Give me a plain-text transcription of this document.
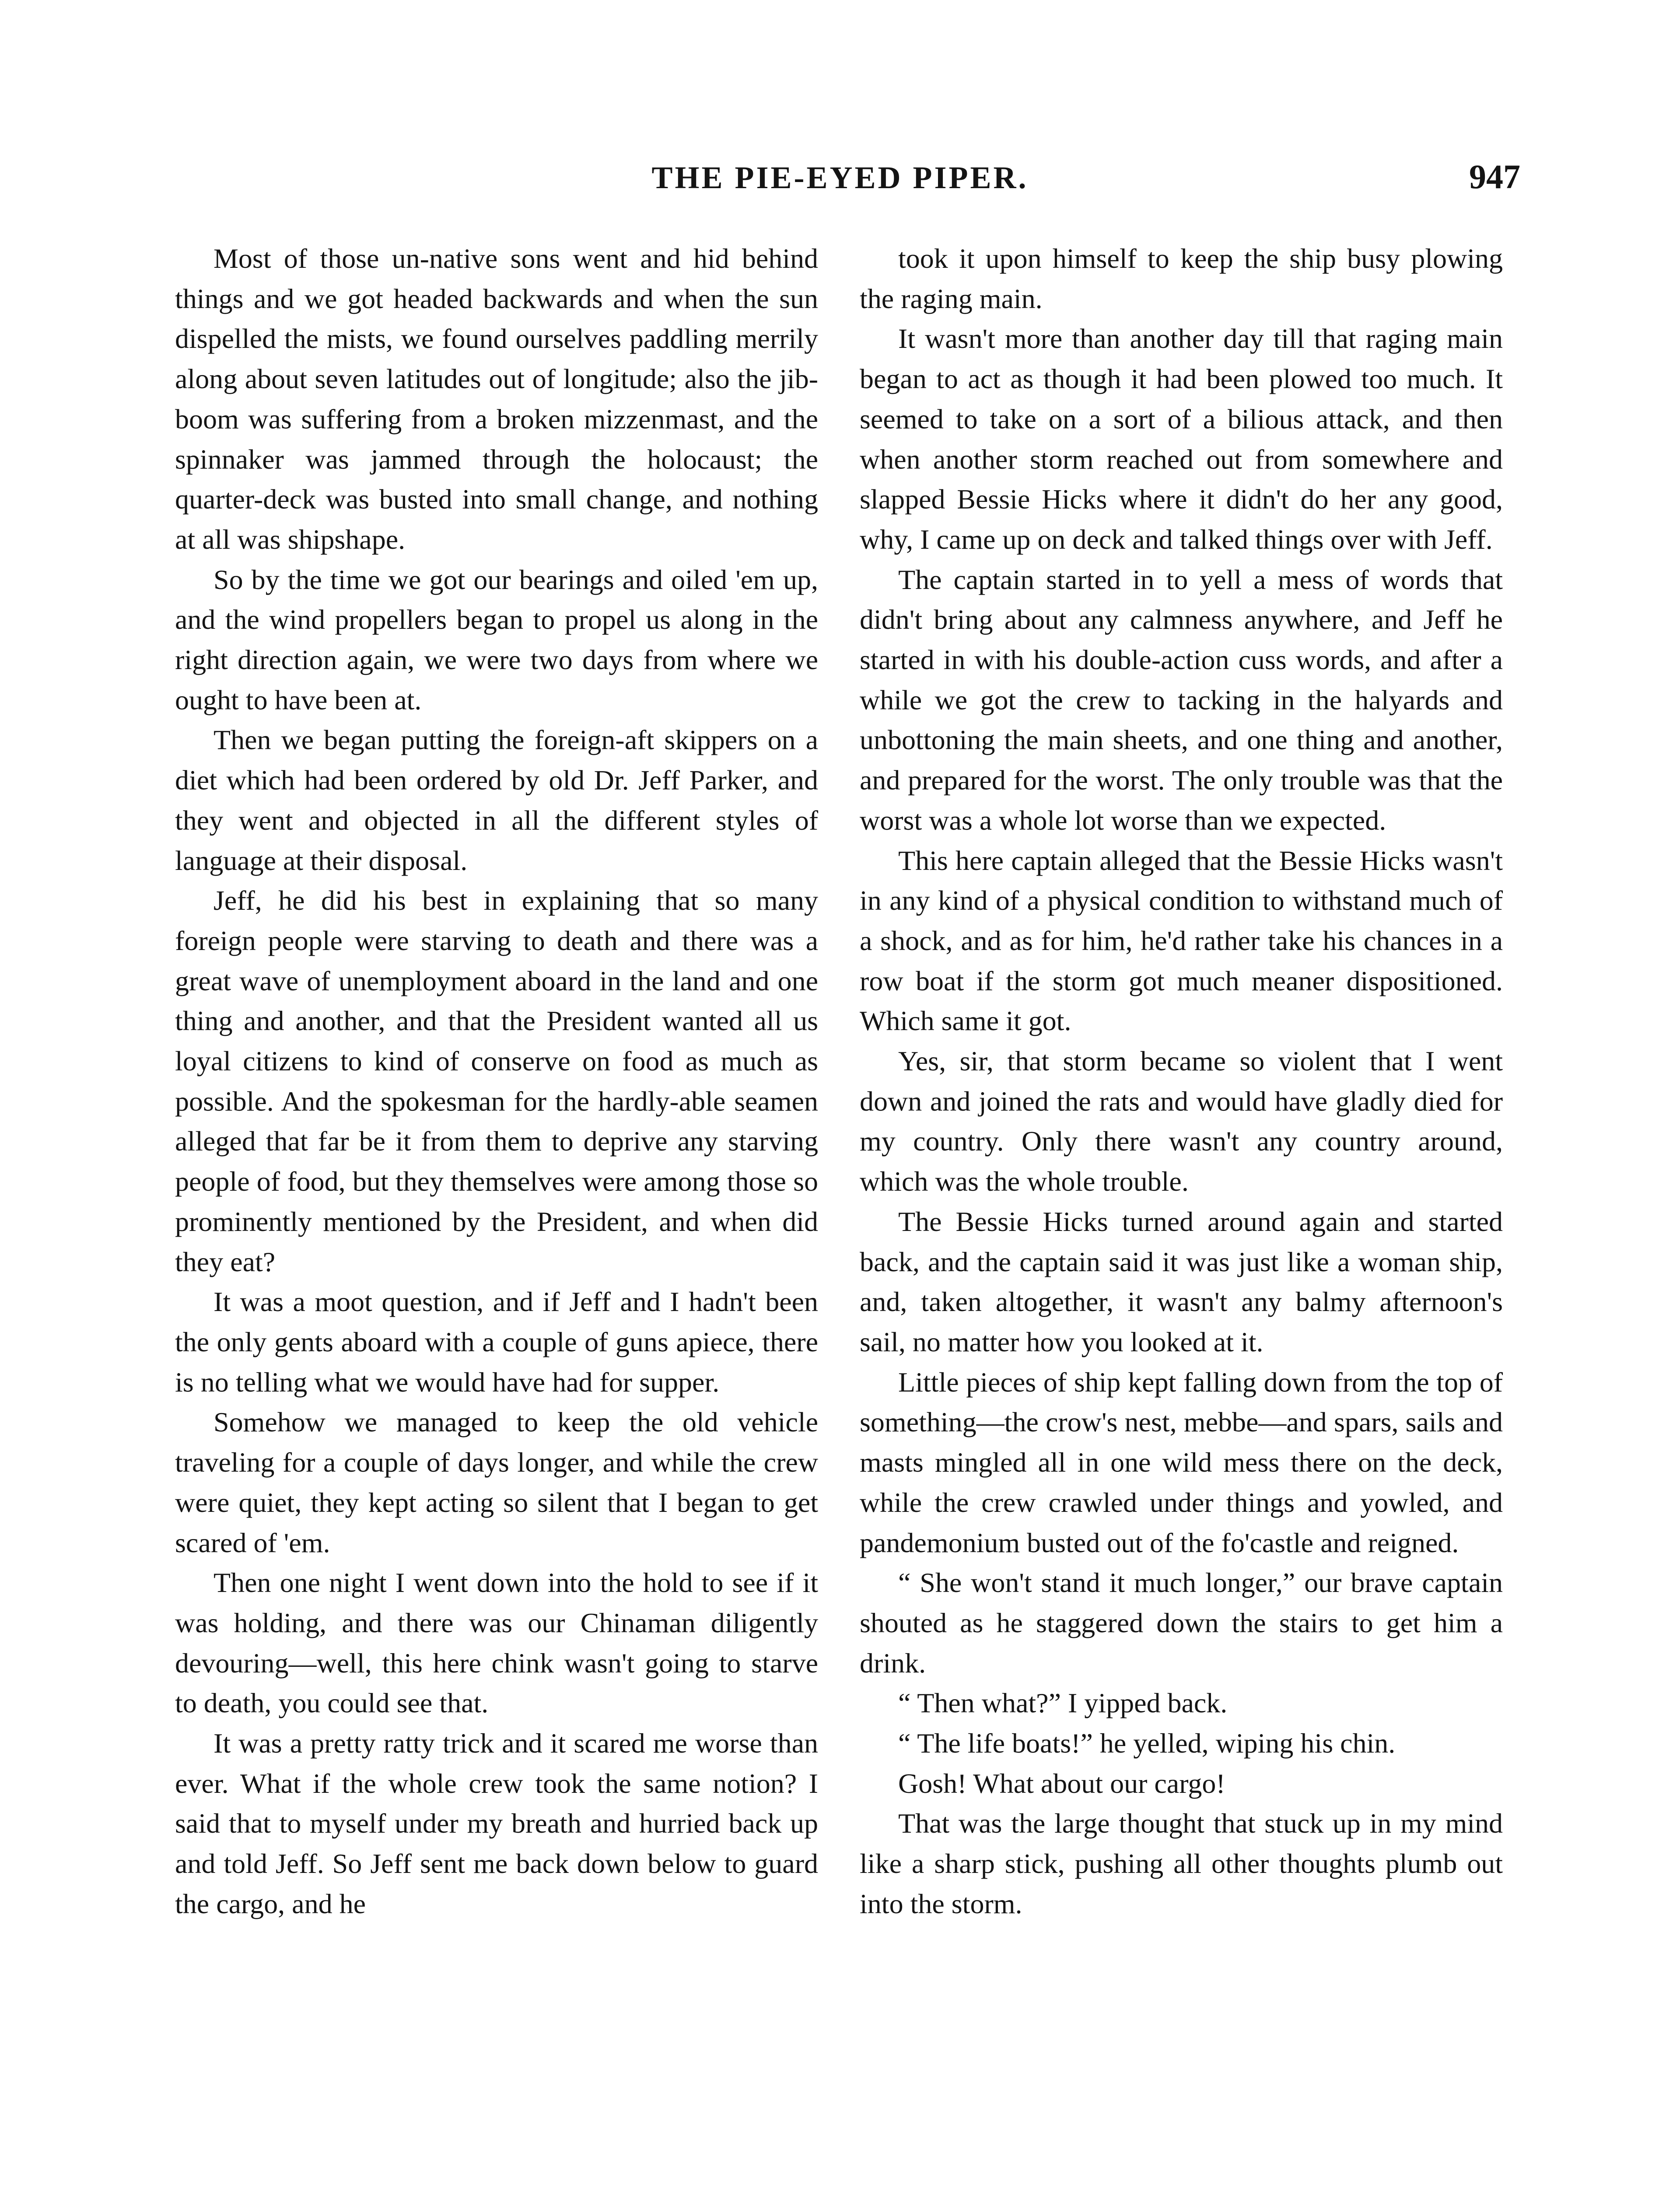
THE PIE-EYED PIPER.	947

Most of those un-native sons went and hid behind things and we got headed backwards and when the sun dispelled the mists, we found ourselves paddling merrily along about seven latitudes out of longitude; also the jib-boom was suffering from a broken mizzenmast, and the spinnaker was jammed through the holocaust; the quarter-deck was busted into small change, and nothing at all was shipshape.

So by the time we got our bearings and oiled 'em up, and the wind propellers began to propel us along in the right direction again, we were two days from where we ought to have been at.

Then we began putting the foreign-aft skippers on a diet which had been ordered by old Dr. Jeff Parker, and they went and objected in all the different styles of language at their disposal.

Jeff, he did his best in explaining that so many foreign people were starving to death and there was a great wave of unemployment aboard in the land and one thing and another, and that the President wanted all us loyal citizens to kind of conserve on food as much as possible. And the spokesman for the hardly-able seamen alleged that far be it from them to deprive any starving people of food, but they themselves were among those so prominently mentioned by the President, and when did they eat?

It was a moot question, and if Jeff and I hadn't been the only gents aboard with a couple of guns apiece, there is no telling what we would have had for supper.

Somehow we managed to keep the old vehicle traveling for a couple of days longer, and while the crew were quiet, they kept acting so silent that I began to get scared of 'em.

Then one night I went down into the hold to see if it was holding, and there was our Chinaman diligently devouring—well, this here chink wasn't going to starve to death, you could see that.

It was a pretty ratty trick and it scared me worse than ever. What if the whole crew took the same notion? I said that to myself under my breath and hurried back up and told Jeff. So Jeff sent me back down below to guard the cargo, and he

took it upon himself to keep the ship busy plowing the raging main.

It wasn't more than another day till that raging main began to act as though it had been plowed too much. It seemed to take on a sort of a bilious attack, and then when another storm reached out from somewhere and slapped Bessie Hicks where it didn't do her any good, why, I came up on deck and talked things over with Jeff.

The captain started in to yell a mess of words that didn't bring about any calmness anywhere, and Jeff he started in with his double-action cuss words, and after a while we got the crew to tacking in the halyards and unbottoning the main sheets, and one thing and another, and prepared for the worst. The only trouble was that the worst was a whole lot worse than we expected.

This here captain alleged that the Bessie Hicks wasn't in any kind of a physical condition to withstand much of a shock, and as for him, he'd rather take his chances in a row boat if the storm got much meaner dispositioned. Which same it got.

Yes, sir, that storm became so violent that I went down and joined the rats and would have gladly died for my country. Only there wasn't any country around, which was the whole trouble.

The Bessie Hicks turned around again and started back, and the captain said it was just like a woman ship, and, taken altogether, it wasn't any balmy afternoon's sail, no matter how you looked at it.

Little pieces of ship kept falling down from the top of something—the crow's nest, mebbe—and spars, sails and masts mingled all in one wild mess there on the deck, while the crew crawled under things and yowled, and pandemonium busted out of the fo'castle and reigned.

“ She won't stand it much longer,” our brave captain shouted as he staggered down the stairs to get him a drink.

“ Then what?” I yipped back.

“ The life boats!” he yelled, wiping his chin.

Gosh! What about our cargo!

That was the large thought that stuck up in my mind like a sharp stick, pushing all other thoughts plumb out into the storm.
